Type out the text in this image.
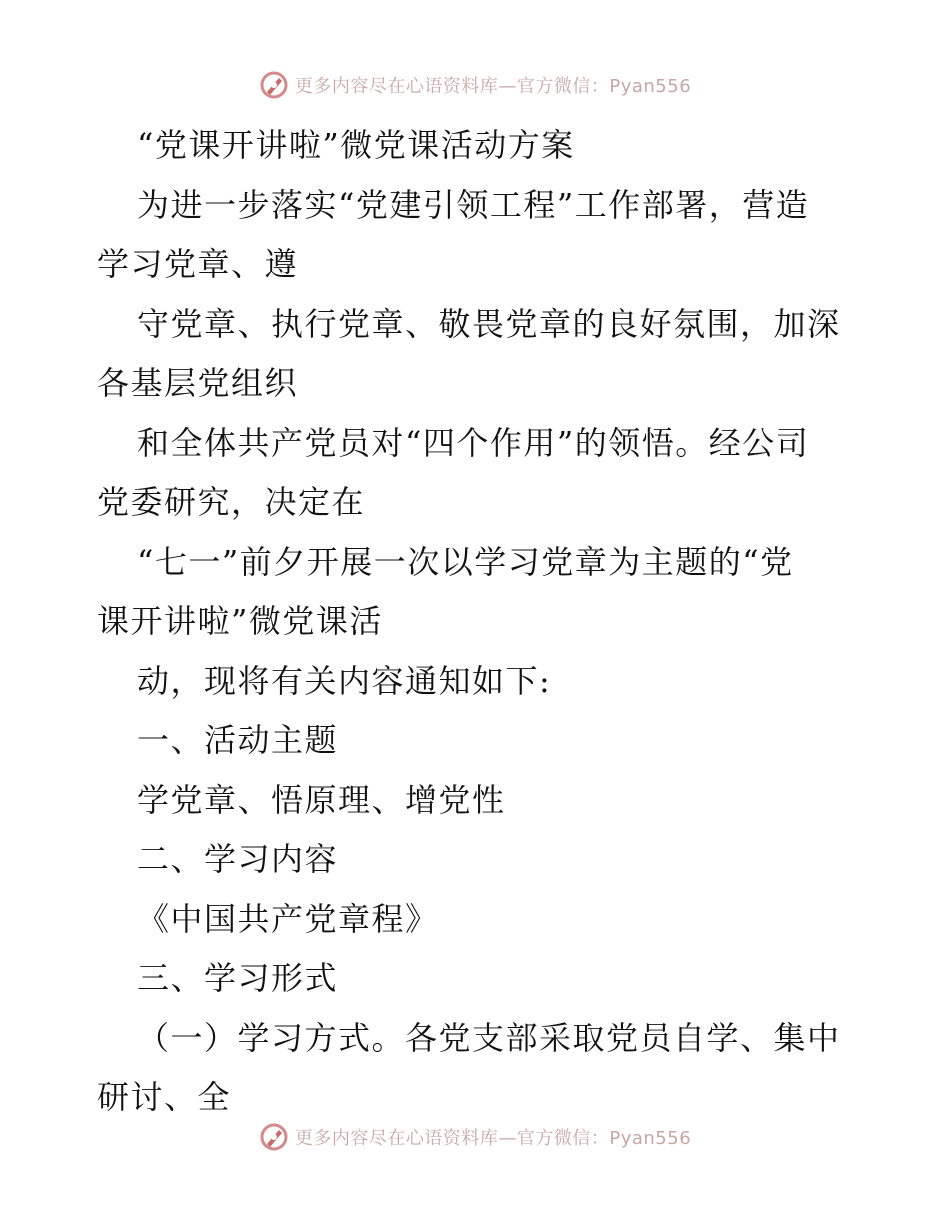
更多内容尽在心语资料库—官方微信：Pyan556
“党课开讲啦”微党课活动方案
为进一步落实“党建引领工程”工作部署，营造
学习党章、遵
守党章、执行党章、敬畏党章的良好氛围，加深
各基层党组织
和全体共产党员对“四个作用”的领悟。经公司
党委研究，决定在
“七一”前夕开展一次以学习党章为主题的“党
课开讲啦”微党课活
动，现将有关内容通知如下:
一、活动主题
学党章、悟原理、增党性
二、学习内容
《中国共产党章程》
三、学习形式
（一）学习方式。各党支部采取党员自学、集中
研讨、全
更多内容尽在心语资料库—官方微信：Pyan556
